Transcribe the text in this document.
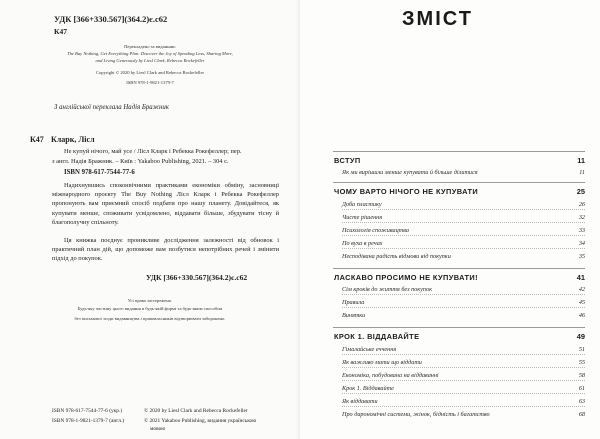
УДК [366+330.567](364.2)є.с62
К47
Перекладено за виданням:
The Buy Nothing, Get Everything Plan: Discover the Joy of Spending Less, Sharing More,
and Living Generously by Liesl Clark, Rebecca Rockefeller
Copyright © 2020 by Liesl Clark and Rebecca Rockefeller
ISBN 978-1-9821-1379-7
З англійської переклала Надія Бражник
К47 Кларк, Лісл
Не купуй нічого, май усе / Лісл Кларк і Ребекка Рокефеллер; пер.
з англ. Надія Бражник. – Київ : Yakaboo Publishing, 2021. – 304 с.
ISBN 978-617-7544-77-6
Надихнувшись споконвічними практиками економіки обміну, засновниці міжнародного проєкту The Buy Nothing Лісл Кларк і Ребекка Рокефеллер пропонують вам приємний спосіб подбати про нашу планету. Довідайтеся, як купувати менше, споживати усвідомлено, віддавати більше, збудувати тісну й благополучну спільноту.
Ця книжка поєднує проникливе дослідження залежності від обновок і практичний план дій, що допоможе вам позбутися непотрібних речей і змінити підхід до покупок.
УДК [366+330.567](364.2)є.с62
Усі права застережено.
Будь-яку частину цього видання в будь-якій формі та будь-яким способом
без письмової згоди видавництва і правовласників відтворювати заборонено.
ISBN 978-617-7544-77-6 (укр.)
ISBN 978-1-9821-1379-7 (англ.)
© 2020 by Liesl Clark and Rebecca Rockefeller
© 2021 Yakaboo Publishing, видання українською
мовою
ЗМІСТ
ВСТУП	11
Як ми вирішили менше купувати й більше ділитися	11
ЧОМУ ВАРТО НІЧОГО НЕ КУПУВАТИ	25
Доба пластику	26
Чисте рішення	32
Психологія споживацтва	33
По вуха в речах	34
Несподівана радість відмови від покупки	35
ЛАСКАВО ПРОСИМО НЕ КУПУВАТИ!	41
Сім кроків до життя без покупок	42
Правила	45
Винятки	46
КРОК 1. ВІДДАВАЙТЕ	49
Гімалайське еччення	51
Як важливо мати що віддати	55
Економіка, побудована на віддаванні	58
Крок 1. Віддавайте	61
Як віддавати	63
Про дарономічні системи, жінок, бідність і багатство	68
